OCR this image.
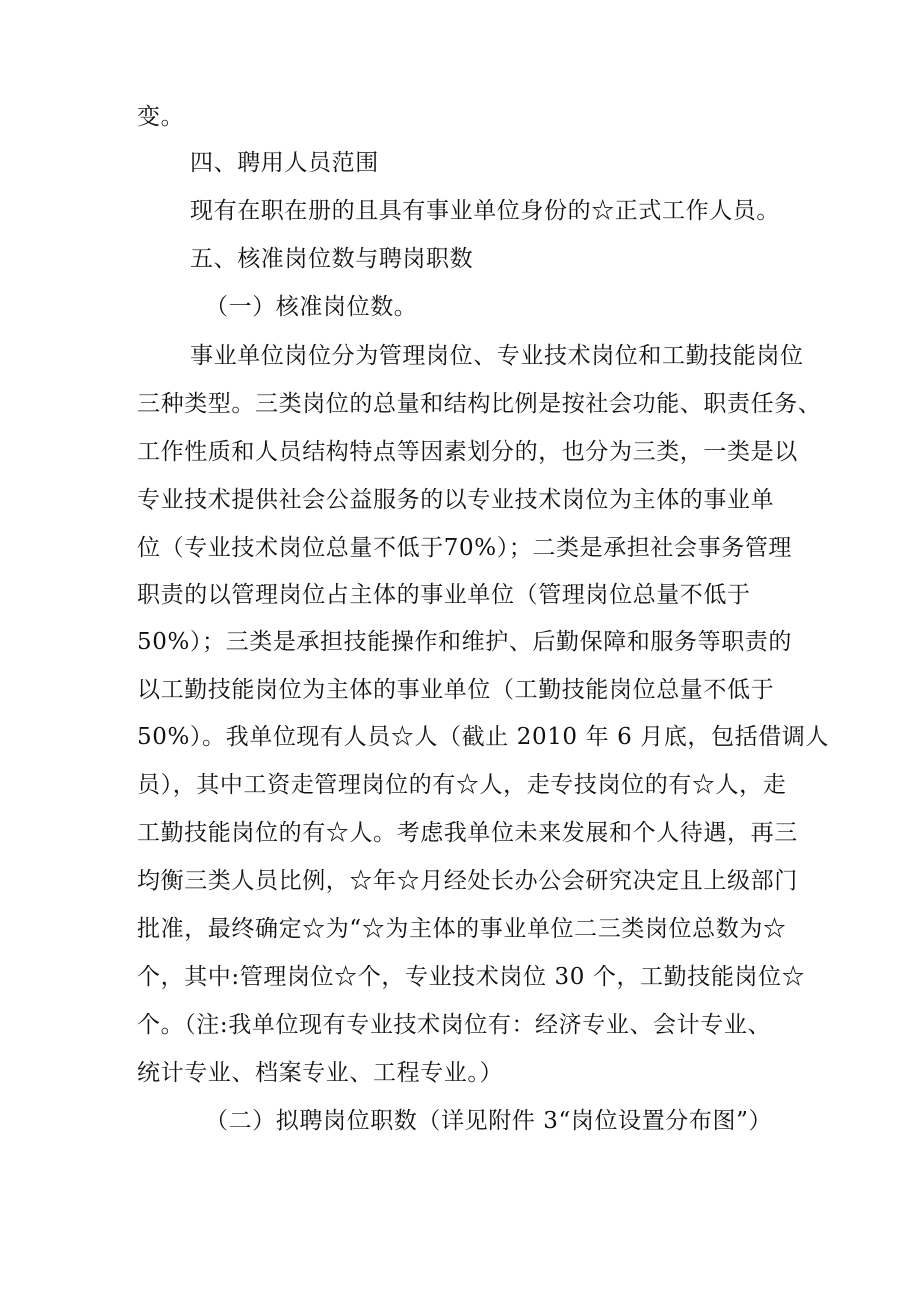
变。
四、聘用人员范围
现有在职在册的且具有事业单位身份的☆正式工作人员。
五、核准岗位数与聘岗职数
（一）核准岗位数。
事业单位岗位分为管理岗位、专业技术岗位和工勤技能岗位
三种类型。三类岗位的总量和结构比例是按社会功能、职责任务、
工作性质和人员结构特点等因素划分的，也分为三类，一类是以
专业技术提供社会公益服务的以专业技术岗位为主体的事业单
位（专业技术岗位总量不低于70%）；二类是承担社会事务管理
职责的以管理岗位占主体的事业单位（管理岗位总量不低于
50%）；三类是承担技能操作和维护、后勤保障和服务等职责的
以工勤技能岗位为主体的事业单位（工勤技能岗位总量不低于
50%）。我单位现有人员☆人（截止 2010 年 6 月底，包括借调人
员），其中工资走管理岗位的有☆人，走专技岗位的有☆人，走
工勤技能岗位的有☆人。考虑我单位未来发展和个人待遇，再三
均衡三类人员比例，☆年☆月经处长办公会研究决定且上级部门
批准，最终确定☆为“☆为主体的事业单位二三类岗位总数为☆
个，其中:管理岗位☆个，专业技术岗位 30 个，工勤技能岗位☆
个。（注:我单位现有专业技术岗位有：经济专业、会计专业、
统计专业、档案专业、工程专业。）
（二）拟聘岗位职数（详见附件 3“岗位设置分布图”）
